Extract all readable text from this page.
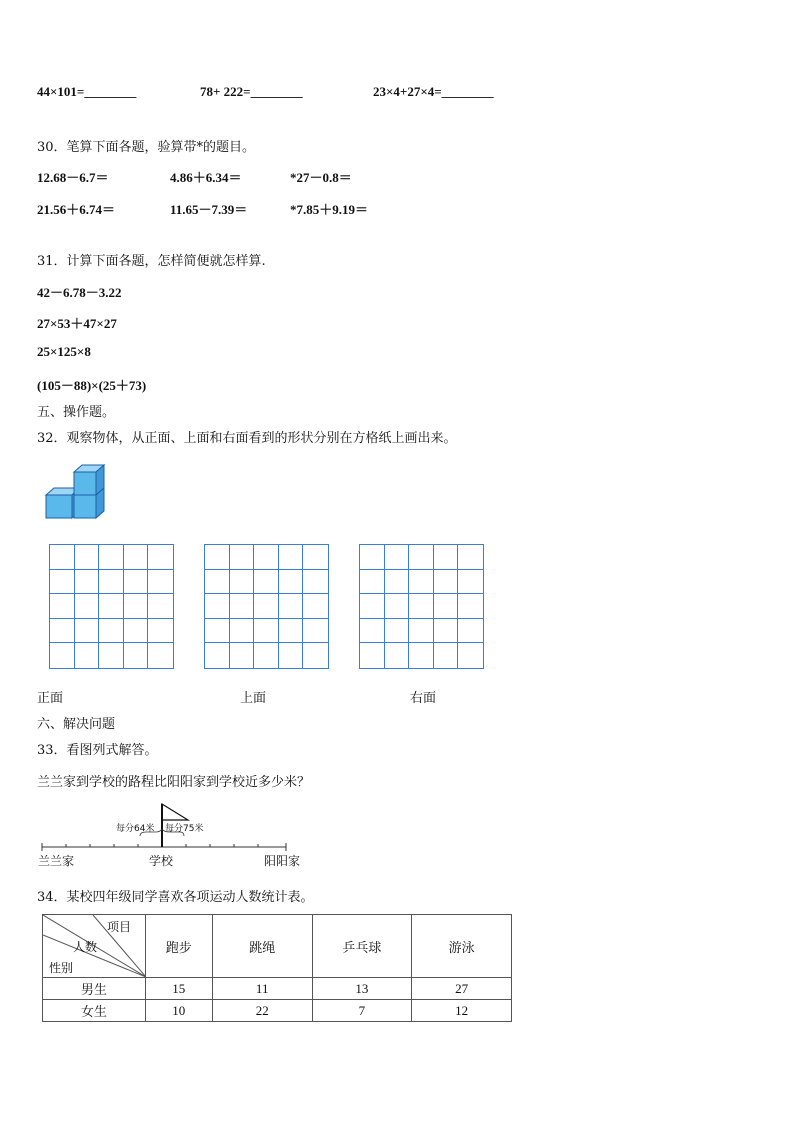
44×101=________	78+ 222=________	23×4+27×4=________
30．笔算下面各题，验算带*的题目。
12.68－6.7＝	4.86＋6.34＝	*27－0.8＝
21.56＋6.74＝	11.65－7.39＝	*7.85＋9.19＝
31．计算下面各题，怎样简便就怎样算.
42－6.78－3.22
27×53＋47×27
25×125×8
(105－88)×(25＋73)
五、操作题。
32．观察物体，从正面、上面和右面看到的形状分别在方格纸上画出来。
正面	上面	右面
六、解决问题
33．看图列式解答。
兰兰家到学校的路程比阳阳家到学校近多少米？
每分64米 每分75米
兰兰家	学校	阳阳家
34．某校四年级同学喜欢各项运动人数统计表。
项目
人数
性别	跑步	跳绳	乒乓球	游泳
男生	15	11	13	27
女生	10	22	7	12
